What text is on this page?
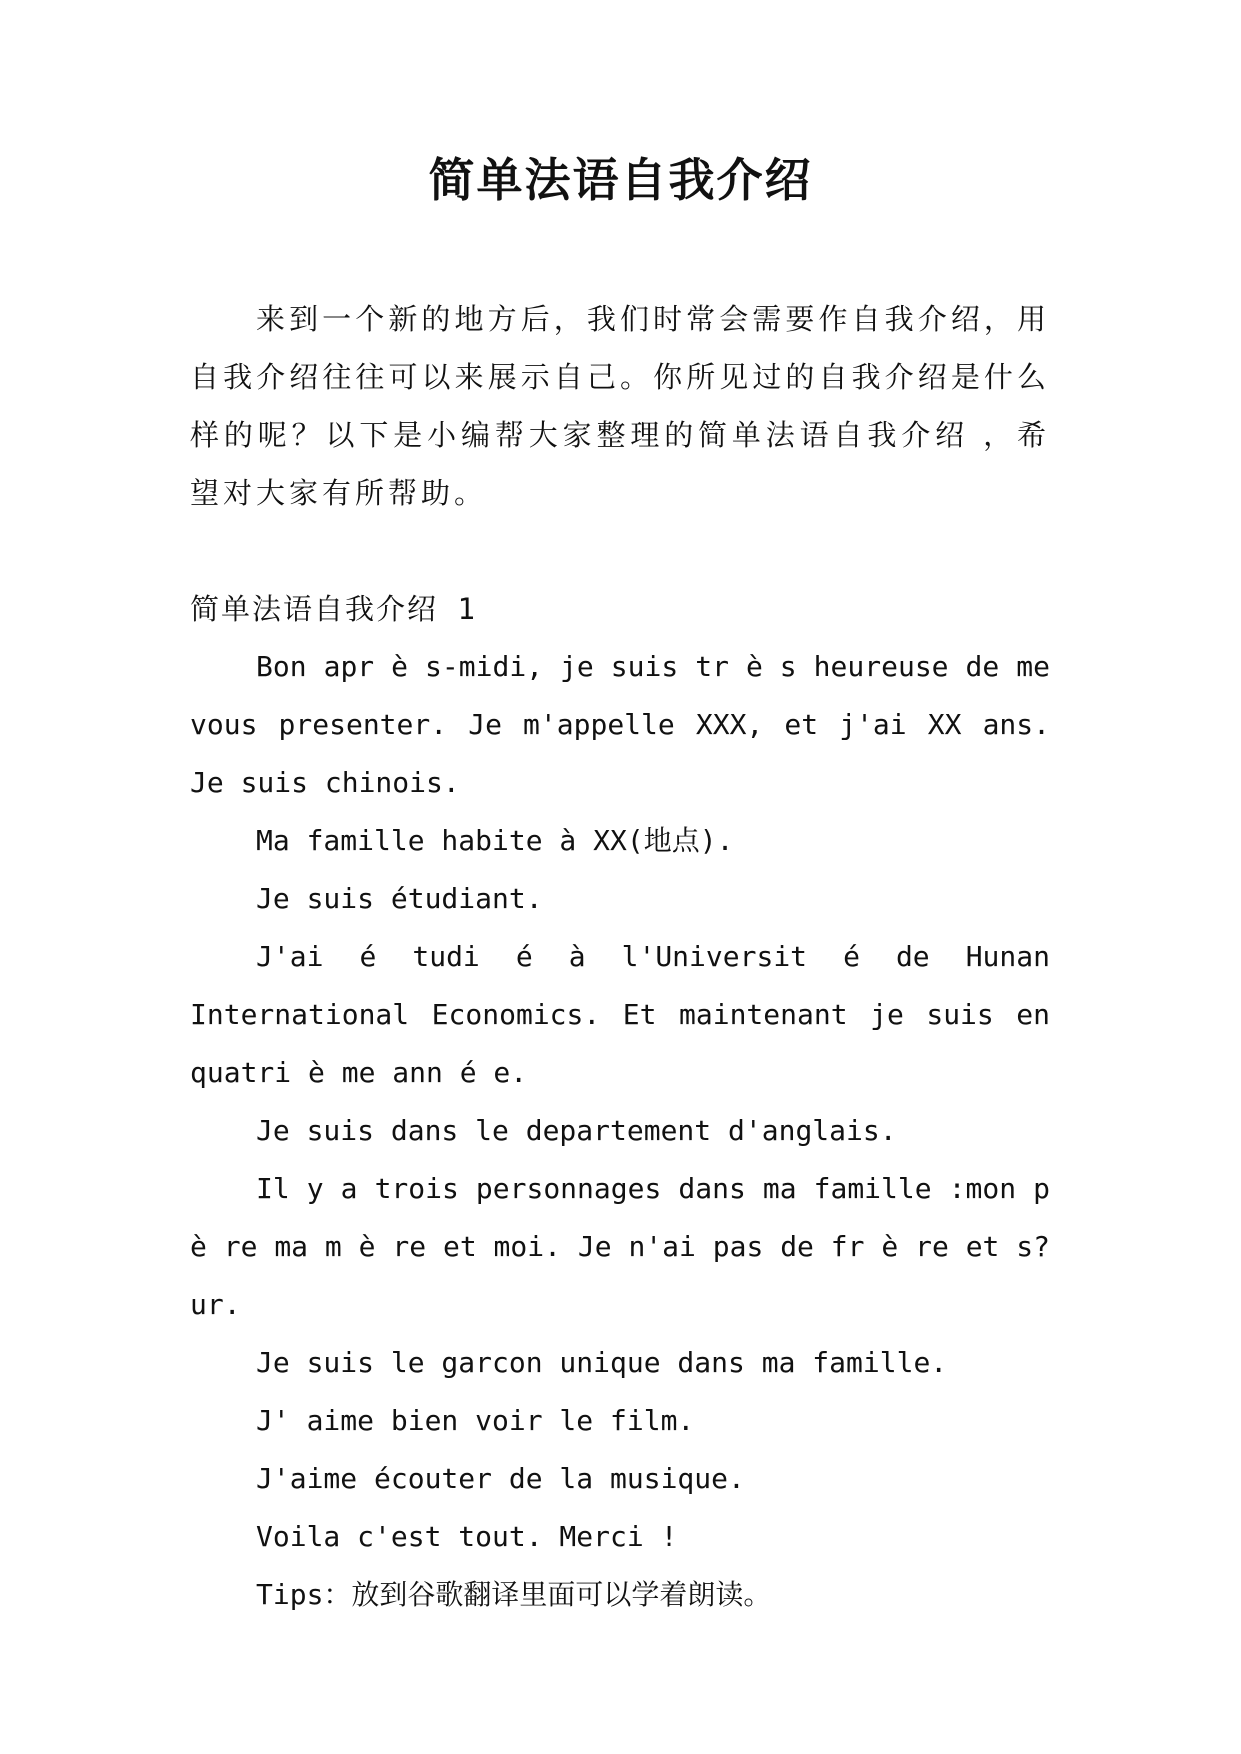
简单法语自我介绍

来到一个新的地方后，我们时常会需要作自我介绍，用自我介绍往往可以来展示自己。你所见过的自我介绍是什么样的呢？以下是小编帮大家整理的简单法语自我介绍 ，希望对大家有所帮助。

简单法语自我介绍 1

Bon apr è s-midi, je suis tr è s heureuse de me vous presenter. Je m'appelle XXX, et j'ai XX ans. Je suis chinois.

Ma famille habite à XX(地点).

Je suis étudiant.

J'ai é tudi é à l'Universit é de Hunan International Economics. Et maintenant je suis en quatri è me ann é e.

Je suis dans le departement d'anglais.

Il y a trois personnages dans ma famille :mon p è re ma m è re et moi. Je n'ai pas de fr è re et s?ur.

Je suis le garcon unique dans ma famille.

J' aime bien voir le film.

J'aime écouter de la musique.

Voila c'est tout. Merci !

Tips：放到谷歌翻译里面可以学着朗读。
